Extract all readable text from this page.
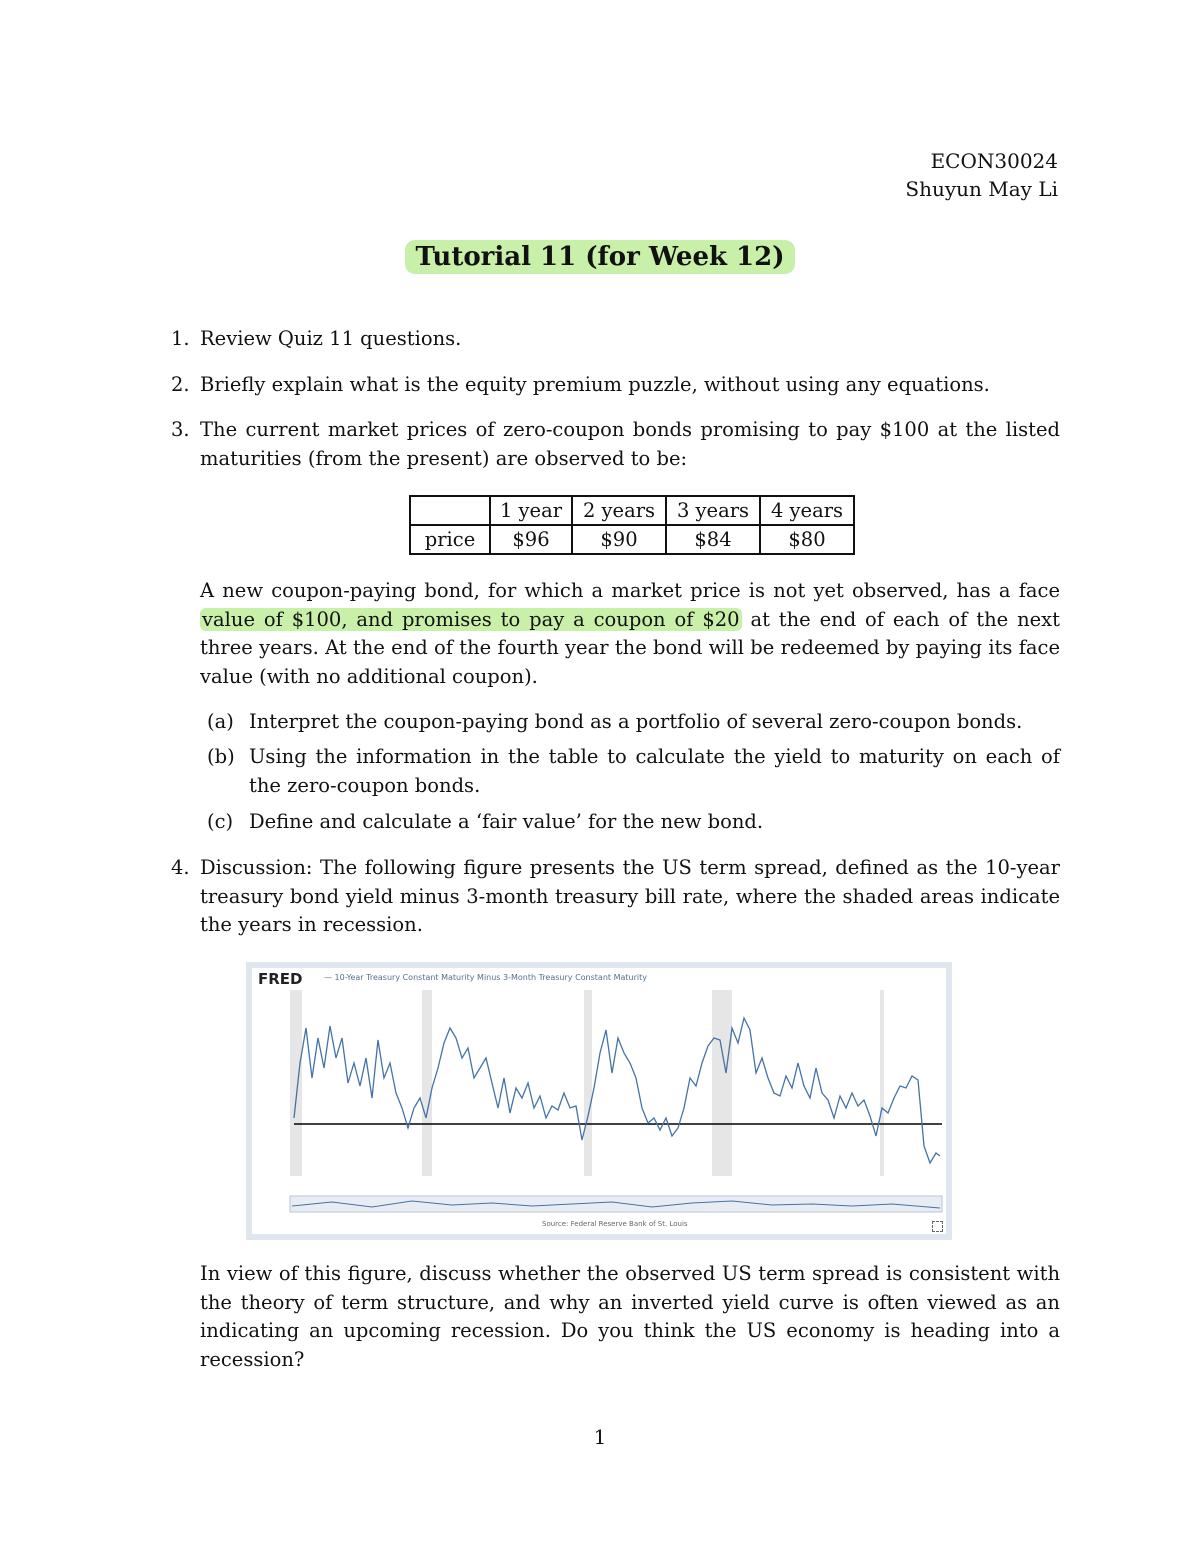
ECON30024
Shuyun May Li
Tutorial 11 (for Week 12)
1. Review Quiz 11 questions.
2. Briefly explain what is the equity premium puzzle, without using any equations.
3. The current market prices of zero-coupon bonds promising to pay $100 at the listed maturities (from the present) are observed to be:
	1 year	2 years	3 years	4 years
price	$96	$90	$84	$80
A new coupon-paying bond, for which a market price is not yet observed, has a face value of $100, and promises to pay a coupon of $20 at the end of each of the next three years. At the end of the fourth year the bond will be redeemed by paying its face value (with no additional coupon).
(a) Interpret the coupon-paying bond as a portfolio of several zero-coupon bonds.
(b) Using the information in the table to calculate the yield to maturity on each of the zero-coupon bonds.
(c) Define and calculate a ‘fair value’ for the new bond.
4. Discussion: The following figure presents the US term spread, defined as the 10-year treasury bond yield minus 3-month treasury bill rate, where the shaded areas indicate the years in recession.
FRED	— 10-Year Treasury Constant Maturity Minus 3-Month Treasury Constant Maturity
Source: Federal Reserve Bank of St. Louis
In view of this figure, discuss whether the observed US term spread is consistent with the theory of term structure, and why an inverted yield curve is often viewed as an indicating an upcoming recession. Do you think the US economy is heading into a recession?
1
